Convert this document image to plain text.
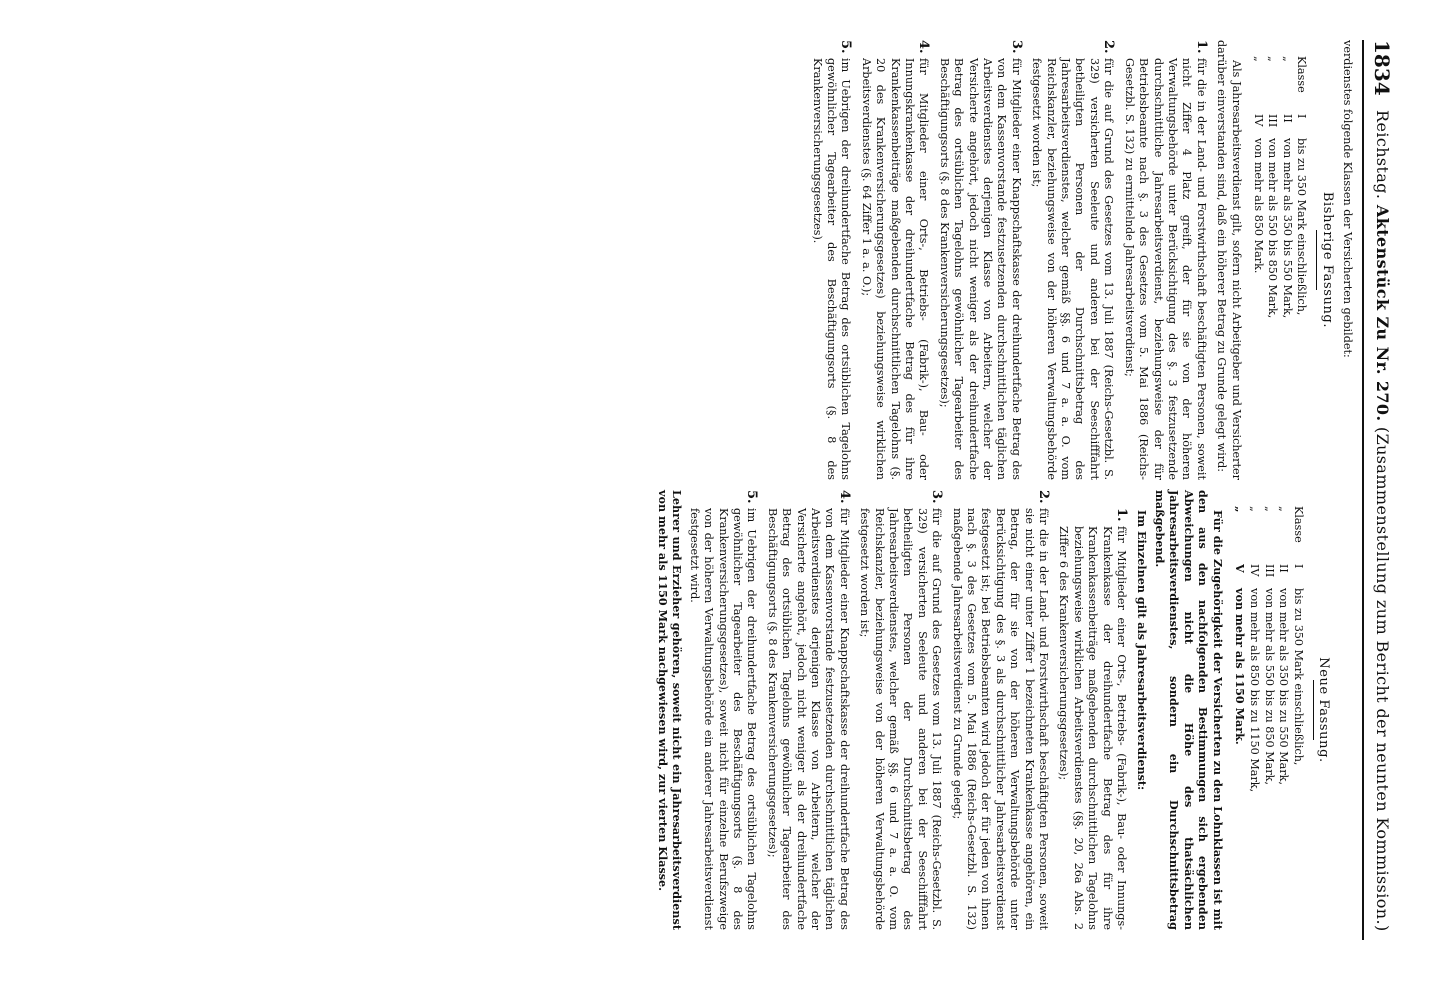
1834
Reichstag. Aktenstück Zu Nr. 270. (Zusammenstellung zum Bericht der neunten Kommission.)
verdienstes folgende Klassen der Versicherten gebildet:
Bisherige Fassung.
Klasse
I
bis zu 350 Mark einschließlich,
„
II
von mehr als 350 bis 550 Mark,
„
III
von mehr als 550 bis 850 Mark,
„
IV
von mehr als 850 Mark.
Als Jahresarbeitsverdienst gilt, sofern nicht Arbeitgeber und Versicherter darüber einverstanden sind, daß ein höherer Betrag zu Grunde gelegt wird:
1.
für die in der Land- und Forstwirthschaft beschäftigten Personen, soweit nicht Ziffer 4 Platz greift, der für sie von der höheren Verwaltungsbehörde unter Berücksichtigung des §. 3 festzusetzende durchschnittliche Jahresarbeitsverdienst, beziehungsweise der für Betriebsbeamte nach §. 3 des Gesetzes vom 5. Mai 1886 (Reichs-Gesetzbl. S. 132) zu ermittelnde Jahresarbeitsverdienst;
2.
für die auf Grund des Gesetzes vom 13. Juli 1887 (Reichs-Gesetzbl. S. 329) versicherten Seeleute und anderen bei der Seeschifffahrt betheiligten Personen der Durchschnittsbetrag des Jahresarbeitsverdienstes, welcher gemäß §§. 6 und 7 a. a. O. vom Reichskanzler, beziehungsweise von der höheren Verwaltungsbehörde festgesetzt worden ist;
3.
für Mitglieder einer Knappschaftskasse der dreihundertfache Betrag des von dem Kassenvorstande festzusetzenden durchschnittlichen täglichen Arbeitsverdienstes derjenigen Klasse von Arbeitern, welcher der Versicherte angehört, jedoch nicht weniger als der dreihundertfache Betrag des ortsüblichen Tagelohns gewöhnlicher Tagearbeiter des Beschäftigungsorts (§. 8 des Krankenversicherungsgesetzes);
4.
für Mitglieder einer Orts-, Betriebs- (Fabrik-), Bau- oder Innungskrankenkasse der dreihundertfache Betrag des für ihre Krankenkassenbeiträge maßgebenden durchschnittlichen Tagelohns (§. 20 des Krankenversicherungsgesetzes) beziehungsweise wirklichen Arbeitsverdienstes (§. 64 Ziffer 1 a. a. O.);
5.
im Uebrigen der dreihundertfache Betrag des ortsüblichen Tagelohns gewöhnlicher Tagearbeiter des Beschäftigungsorts (§. 8 des Krankenversicherungsgesetzes).
Neue Fassung.
Klasse
I
bis zu 350 Mark einschließlich,
„
II
von mehr als 350 bis zu 550 Mark,
„
III
von mehr als 550 bis zu 850 Mark,
„
IV
von mehr als 850 bis zu 1150 Mark,
„
V
von mehr als 1150 Mark.
Für die Zugehörigkeit der Versicherten zu den Lohnklassen ist mit den aus den nachfolgenden Bestimmungen sich ergebenden Abweichungen nicht die Höhe des thatsächlichen Jahresarbeitsverdienstes, sondern ein Durchschnittsbetrag maßgebend.
Im Einzelnen gilt als Jahresarbeitsverdienst:
1.
für Mitglieder einer Orts-, Betriebs- (Fabrik-), Bau- oder Innungs-Krankenkasse der dreihundertfache Betrag des für ihre Krankenkassenbeiträge maßgebenden durchschnittlichen Tagelohns beziehungsweise wirklichen Arbeitsverdienstes (§§. 20, 26a Abs. 2 Ziffer 6 des Krankenversicherungsgesetzes);
2.
für die in der Land- und Forstwirthschaft beschäftigten Personen, soweit sie nicht einer unter Ziffer 1 bezeichneten Krankenkasse angehören, ein Betrag, der für sie von der höheren Verwaltungsbehörde unter Berücksichtigung des §. 3 als durchschnittlicher Jahresarbeitsverdienst festgesetzt ist; bei Betriebsbeamten wird jedoch der für jeden von ihnen nach §. 3 des Gesetzes vom 5. Mai 1886 (Reichs-Gesetzbl. S. 132) maßgebende Jahresarbeitsverdienst zu Grunde gelegt;
3.
für die auf Grund des Gesetzes vom 13. Juli 1887 (Reichs-Gesetzbl. S. 329) versicherten Seeleute und anderen bei der Seeschifffahrt betheiligten Personen der Durchschnittsbetrag des Jahresarbeitsverdienstes, welcher gemäß §§. 6 und 7 a. a. O. vom Reichskanzler, beziehungsweise von der höheren Verwaltungsbehörde festgesetzt worden ist;
4.
für Mitglieder einer Knappschaftskasse der dreihundertfache Betrag des von dem Kassenvorstande festzusetzenden durchschnittlichen täglichen Arbeitsverdienstes derjenigen Klasse von Arbeitern, welcher der Versicherte angehört, jedoch nicht weniger als der dreihundertfache Betrag des ortsüblichen Tagelohns gewöhnlicher Tagearbeiter des Beschäftigungsorts (§. 8 des Krankenversicherungsgesetzes);
5.
im Uebrigen der dreihundertfache Betrag des ortsüblichen Tagelohns gewöhnlicher Tagearbeiter des Beschäftigungsorts (§. 8 des Krankenversicherungsgesetzes), soweit nicht für einzelne Berufszweige von der höheren Verwaltungsbehörde ein anderer Jahresarbeitsverdienst festgesetzt wird.
Lehrer und Erzieher gehören, soweit nicht ein Jahresarbeitsverdienst von mehr als 1150 Mark nachgewiesen wird, zur vierten Klasse.
